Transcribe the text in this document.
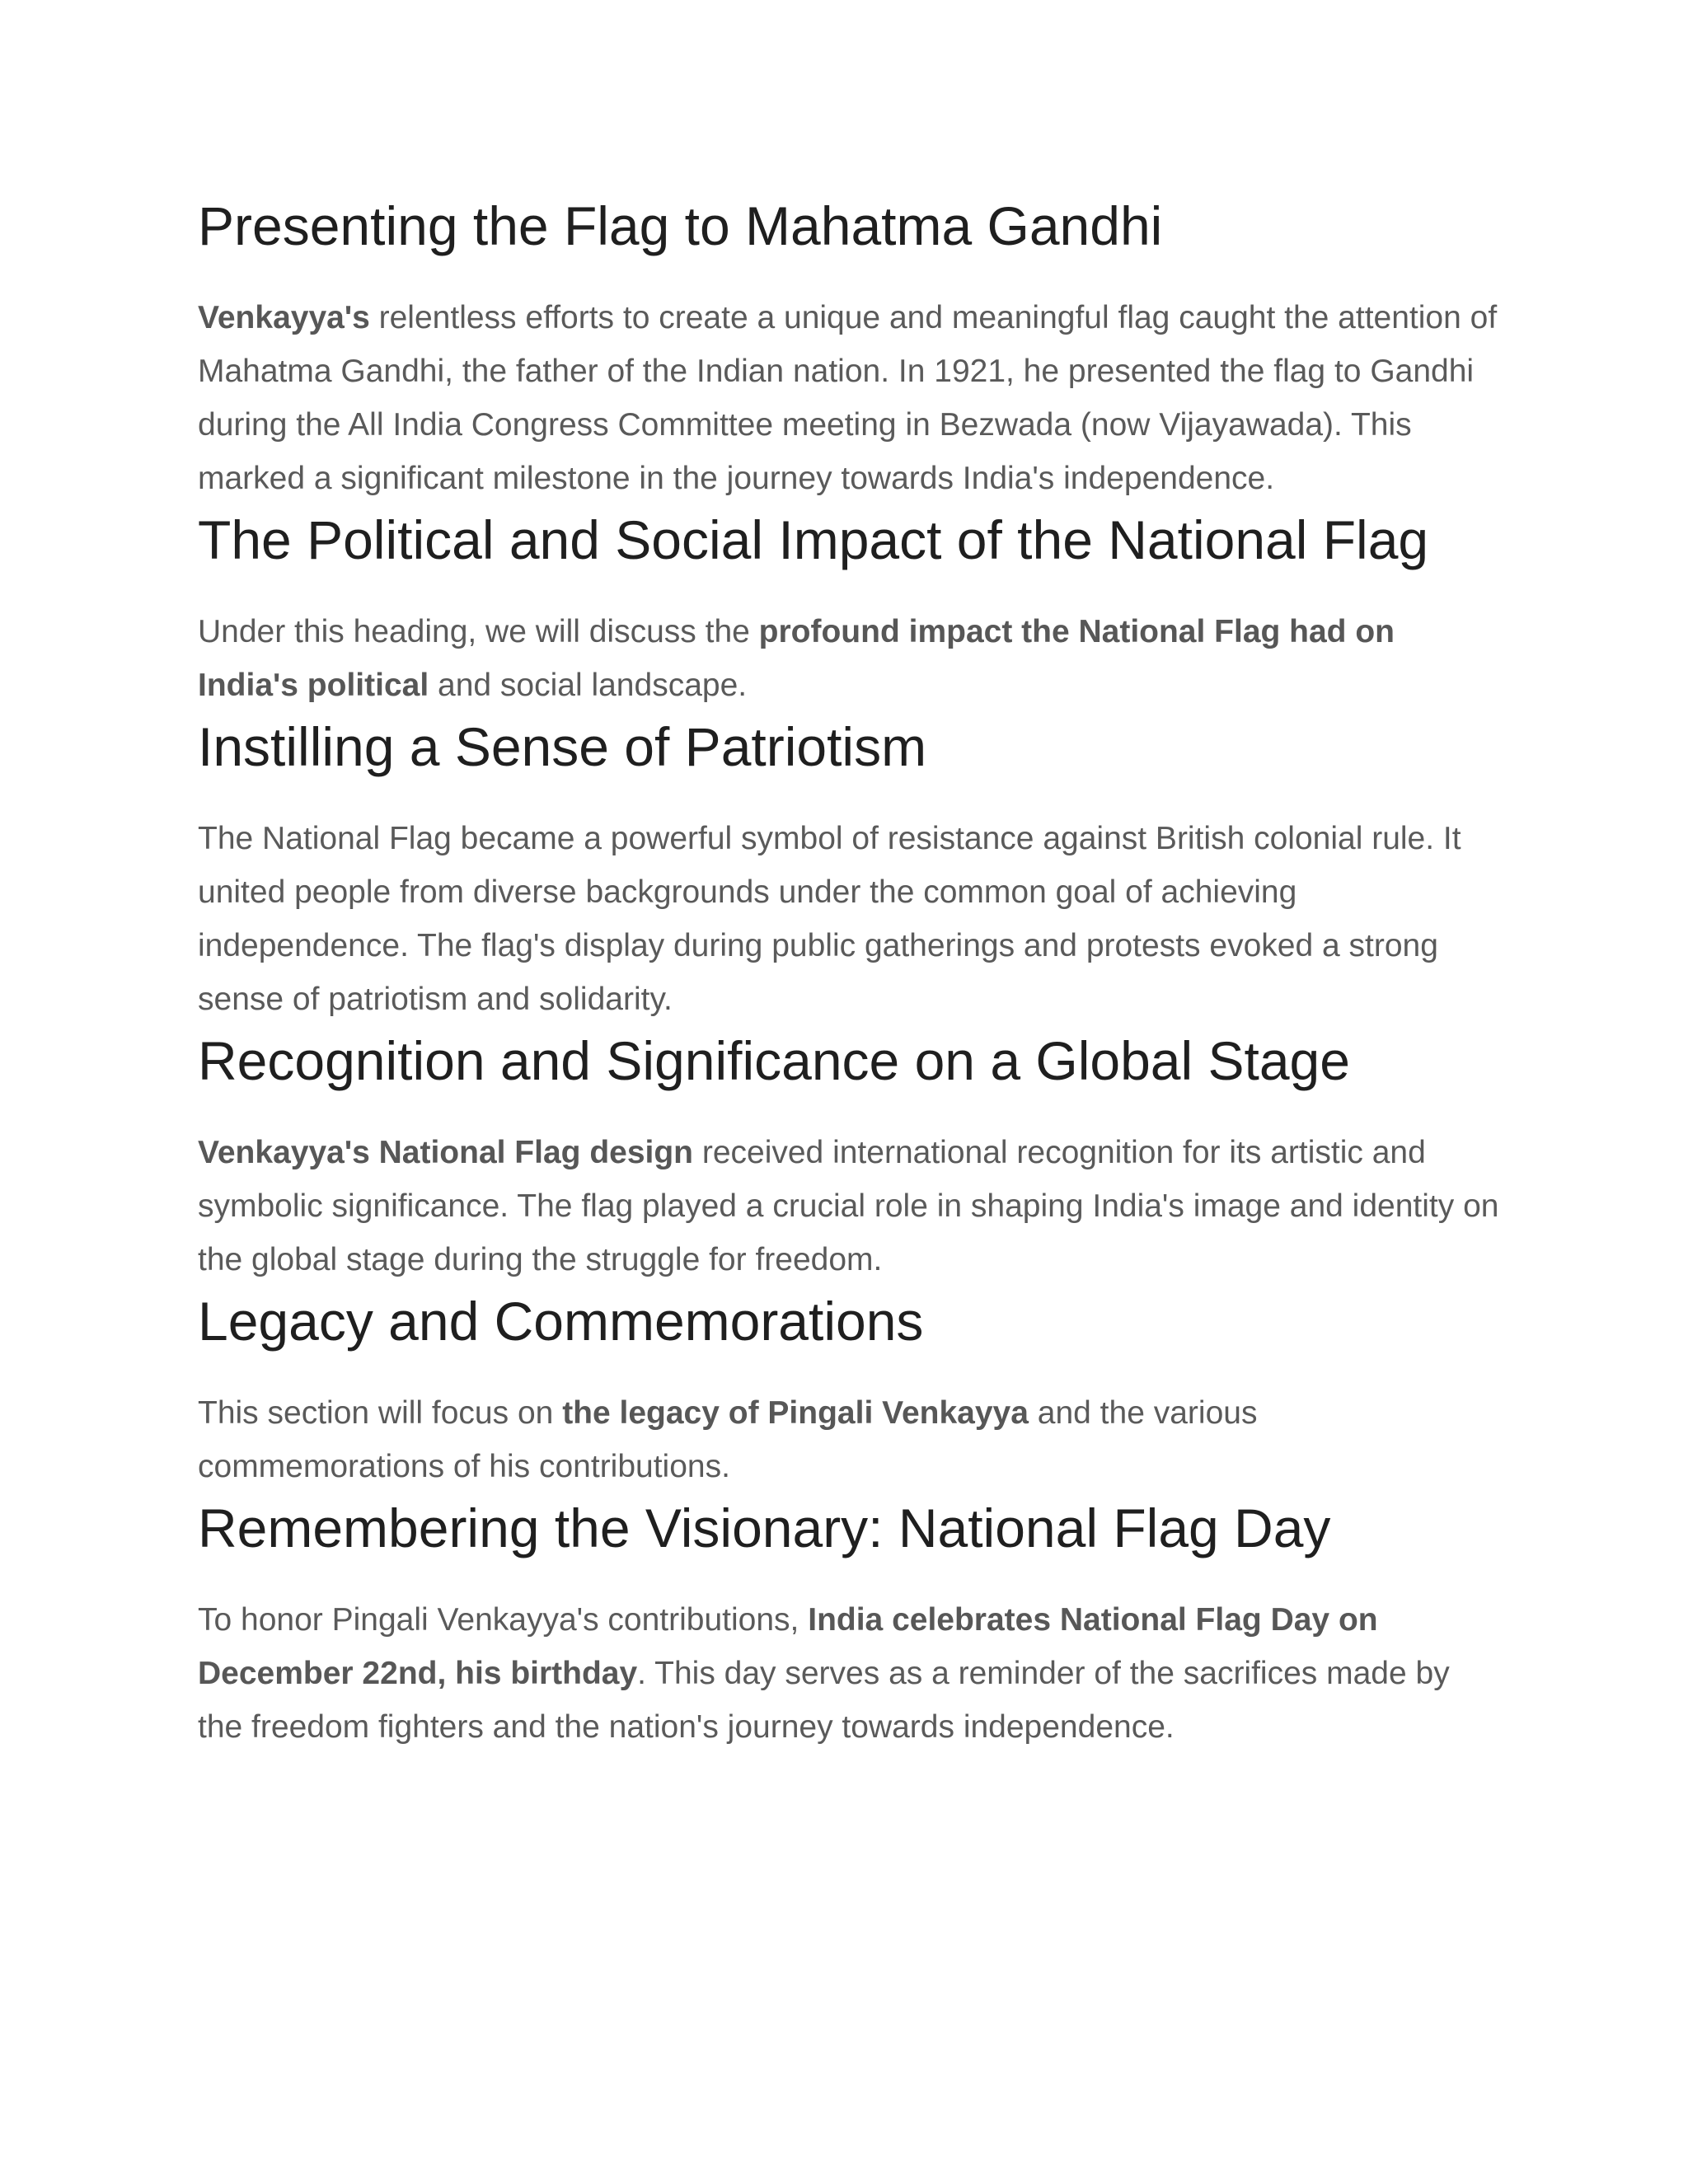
Presenting the Flag to Mahatma Gandhi

Venkayya's relentless efforts to create a unique and meaningful flag caught the attention of Mahatma Gandhi, the father of the Indian nation. In 1921, he presented the flag to Gandhi during the All India Congress Committee meeting in Bezwada (now Vijayawada). This marked a significant milestone in the journey towards India's independence.

The Political and Social Impact of the National Flag

Under this heading, we will discuss the profound impact the National Flag had on India's political and social landscape.

Instilling a Sense of Patriotism

The National Flag became a powerful symbol of resistance against British colonial rule. It united people from diverse backgrounds under the common goal of achieving independence. The flag's display during public gatherings and protests evoked a strong sense of patriotism and solidarity.

Recognition and Significance on a Global Stage

Venkayya's National Flag design received international recognition for its artistic and symbolic significance. The flag played a crucial role in shaping India's image and identity on the global stage during the struggle for freedom.

Legacy and Commemorations

This section will focus on the legacy of Pingali Venkayya and the various commemorations of his contributions.

Remembering the Visionary: National Flag Day

To honor Pingali Venkayya's contributions, India celebrates National Flag Day on December 22nd, his birthday. This day serves as a reminder of the sacrifices made by the freedom fighters and the nation's journey towards independence.
